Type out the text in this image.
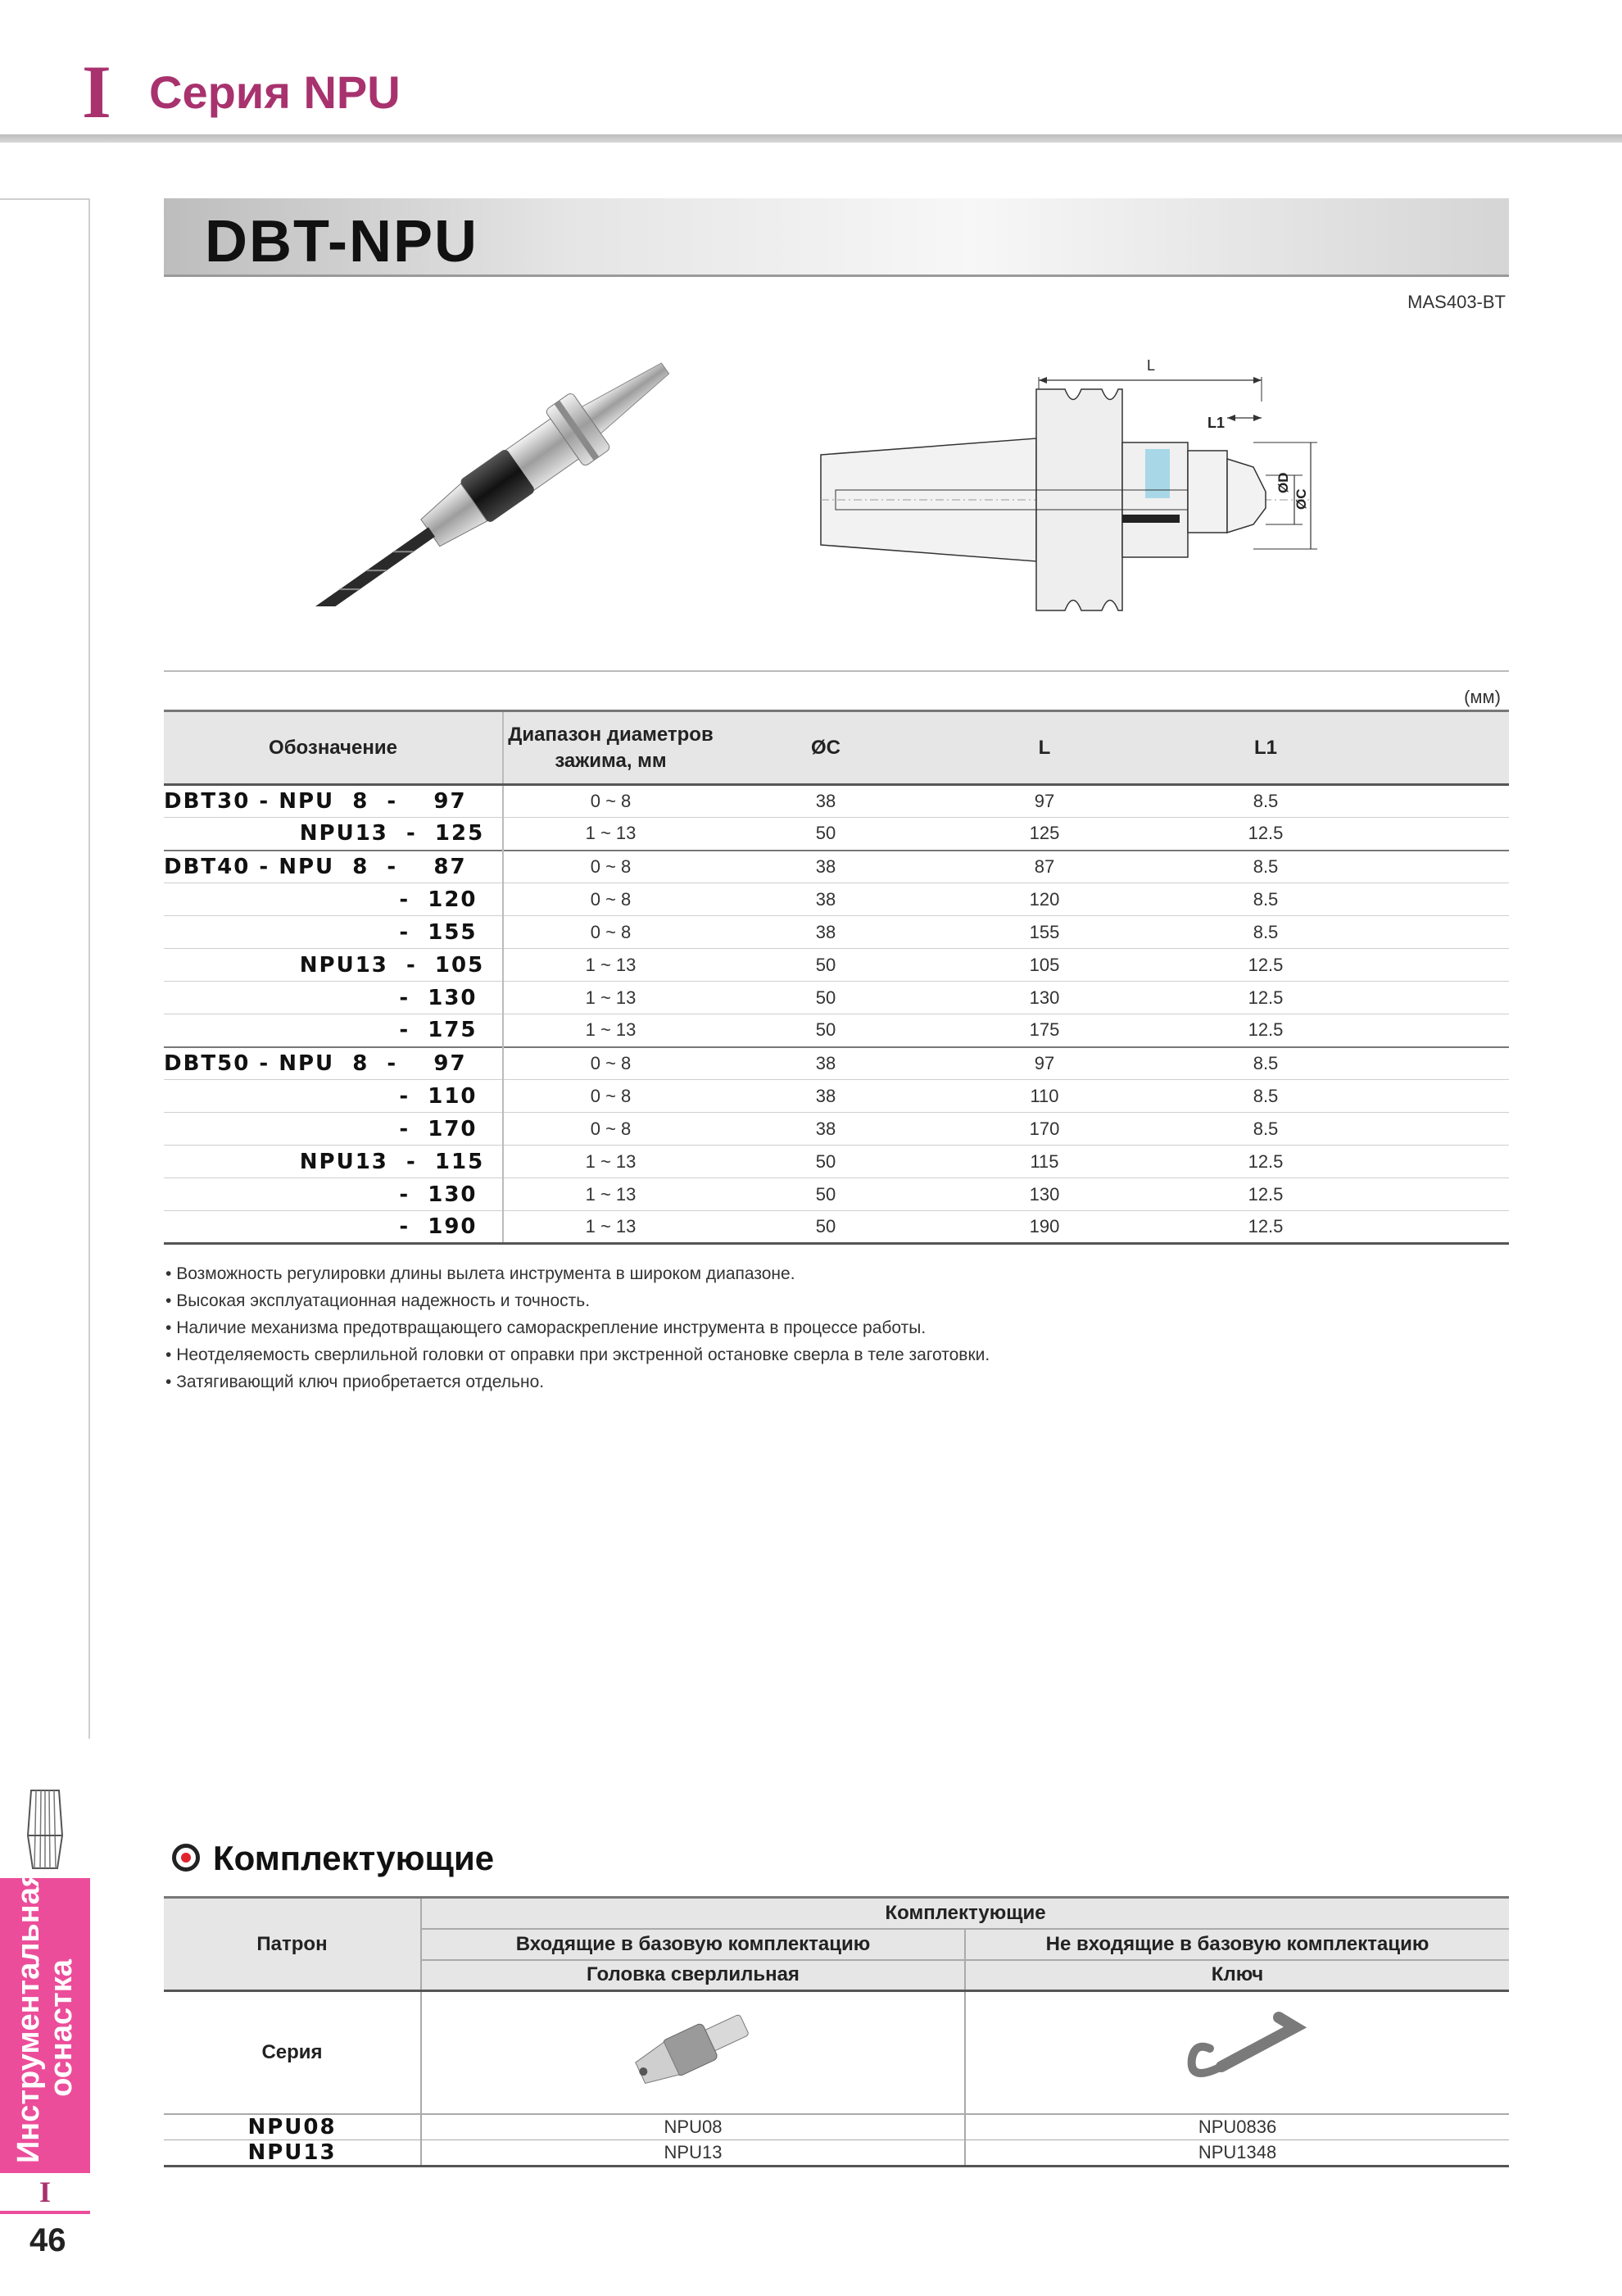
I Серия NPU
Инструментальная
оснастка
I
46
DBT-NPU
MAS403-BT
L
L1
ØD
ØC
(мм)
Обозначение	Диапазон диаметров
зажима, мм	ØC	L	L1	
DBT30 - NPU  8  -    97	0 ~ 8	38	97	8.5	
NPU13  -  125	1 ~ 13	50	125	12.5	
DBT40 - NPU  8  -    87	0 ~ 8	38	87	8.5	
-  120	0 ~ 8	38	120	8.5	
-  155	0 ~ 8	38	155	8.5	
NPU13  -  105	1 ~ 13	50	105	12.5	
-  130	1 ~ 13	50	130	12.5	
-  175	1 ~ 13	50	175	12.5	
DBT50 - NPU  8  -    97	0 ~ 8	38	97	8.5	
-  110	0 ~ 8	38	110	8.5	
-  170	0 ~ 8	38	170	8.5	
NPU13  -  115	1 ~ 13	50	115	12.5	
-  130	1 ~ 13	50	130	12.5	
-  190	1 ~ 13	50	190	12.5	
• Возможность регулировки длины вылета инструмента в широком диапазоне.
• Высокая эксплуатационная надежность и точность.
• Наличие механизма предотвращающего самораскрепление инструмента в процессе работы.
• Неотделяемость сверлильной головки от оправки при экстренной остановке сверла в теле заготовки.
• Затягивающий ключ приобретается отдельно.
Комплектующие
Патрон	Комплектующие	
	Входящие в базовую комплектацию	Не входящие в базовую комплектацию
	Головка сверлильная	Ключ
Серия		
NPU08	NPU08	NPU0836
NPU13	NPU13	NPU1348
